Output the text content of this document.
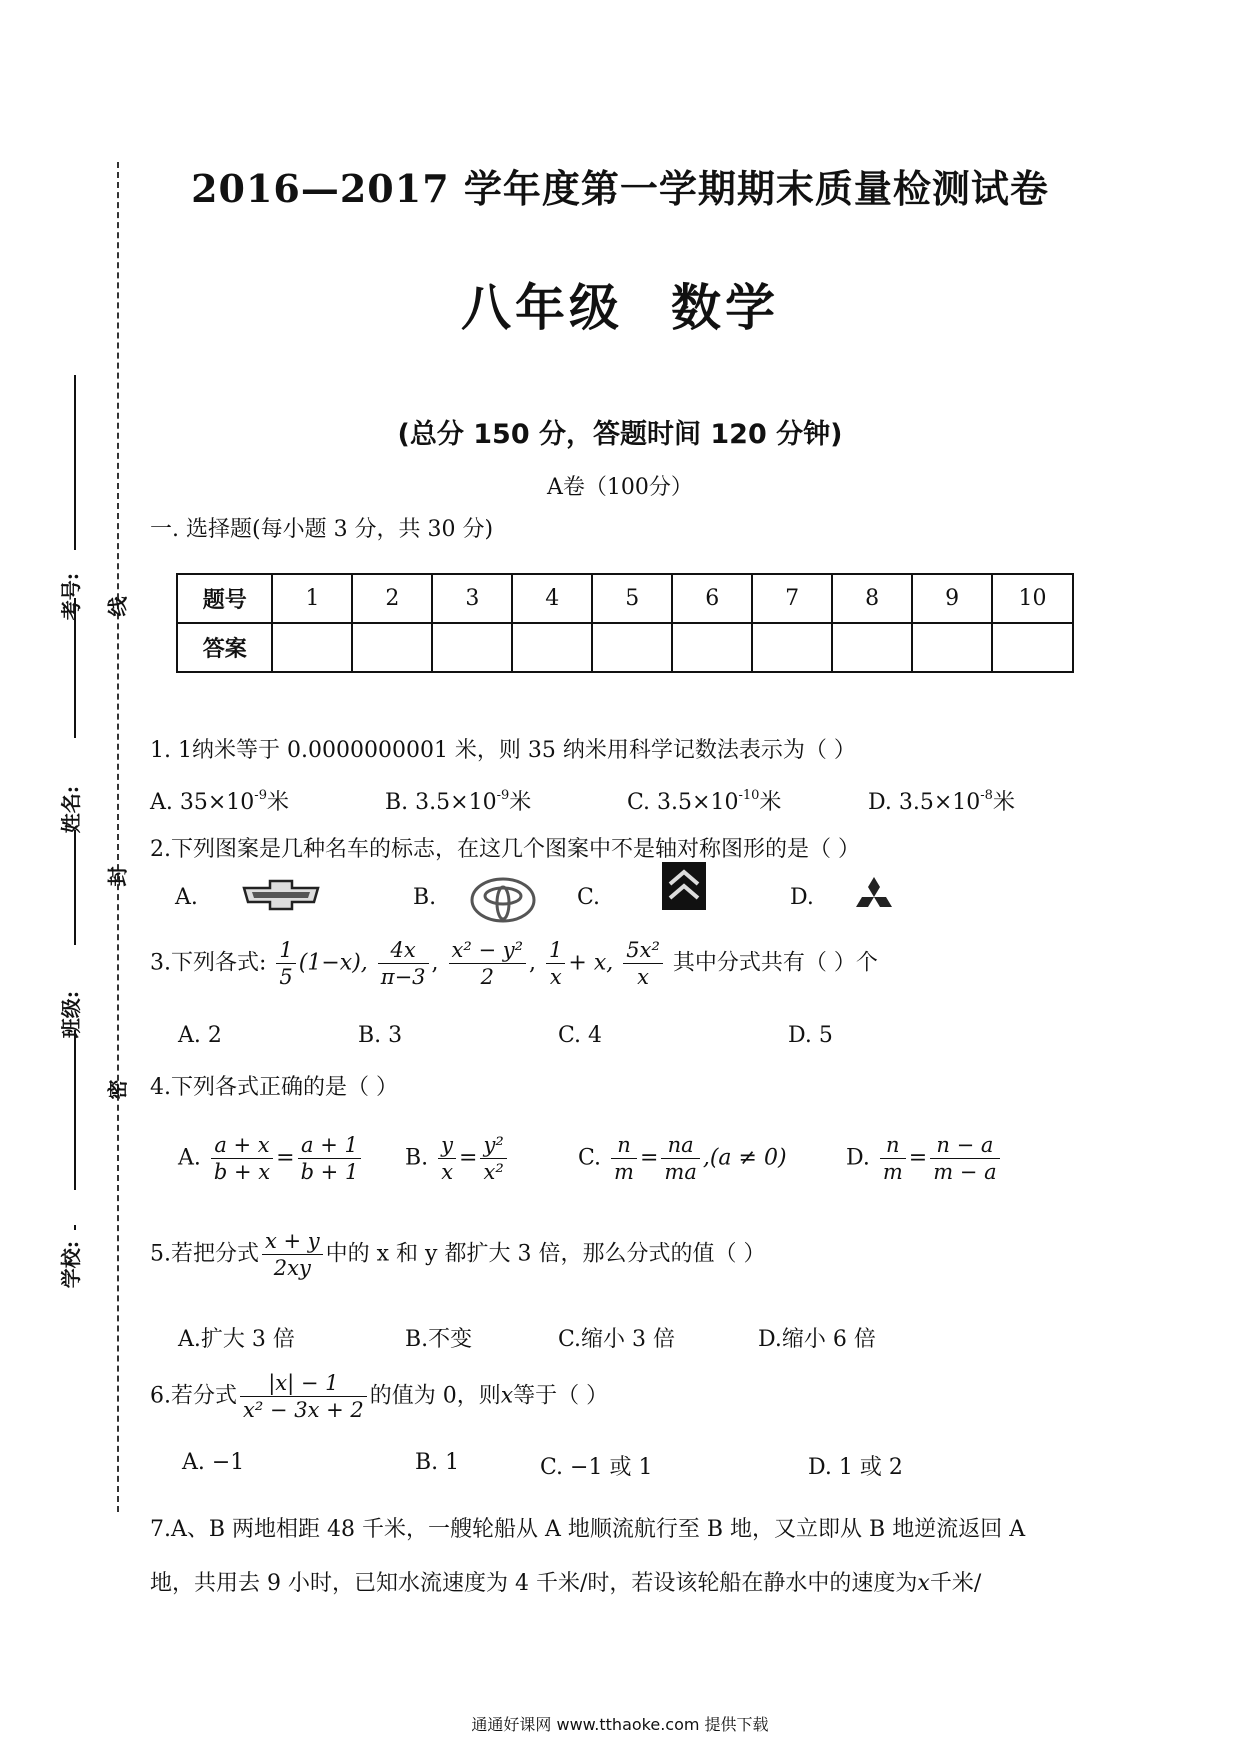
2016—2017 学年度第一学期期末质量检测试卷
八年级 数学
(总分 150 分，答题时间 120 分钟)
A卷（100分）
一. 选择题(每小题 3 分，共 30 分)
考号:
姓名:
班级:
学校:
线
封
密
题号	1	2	3	4	5	6	7	8	9	10
答案										
1. 1纳米等于 0.0000000001 米，则 35 纳米用科学记数法表示为（ ）
A. $35\times 10^{-9}$米	B. $3.5\times 10^{-9}$米	C. $3.5\times 10^{-10}$米	D. $3.5\times 10^{-8}$米
2.下列图案是几种名车的标志，在这几个图案中不是轴对称图形的是（ ）
A.	B.	C.	D.
3.下列各式: $\frac{1}{5} (1-x)$, $\frac{4x}{\pi-3}$ , $\frac{\text{x² − y²}}{2}$ , $\frac{1}{x} + x$, $\frac{\text{5x²}}{x}$ 其中分式共有（ ）个
A. 2	B. 3	C. 4	D. 5
4.下列各式正确的是（ ）
A. $\frac{a + x}{b + x} = \frac{a + 1}{b + 1} B$. $\frac{y}{x} = \frac{\text{y²}}{\text{x²}}$	C. $\frac{n}{m} = \frac{na}{ma} ,(a \ne 0)$	D. $\frac{n}{m} = \frac{n - a}{m - a}$
5.若把分式 $\frac{x + y}{2xy}$ 中的 x 和 y 都扩大 3 倍，那么分式的值（ ）
A.扩大 3 倍	B.不变	C.缩小 3 倍	D.缩小 6 倍
6.若分式 $\frac{|x| - 1}{\text{x² − 3x + 2}}$ 的值为 0，则x等于（ ）
A. −1	B. 1	C. −1 或 1	D. 1 或 2
7.A、B 两地相距 48 千米，一艘轮船从 A 地顺流航行至 B 地，又立即从 B 地逆流返回 A
地，共用去 9 小时，已知水流速度为 4 千米/时，若设该轮船在静水中的速度为x千米/
通通好课网 www.tthaoke.com 提供下载
